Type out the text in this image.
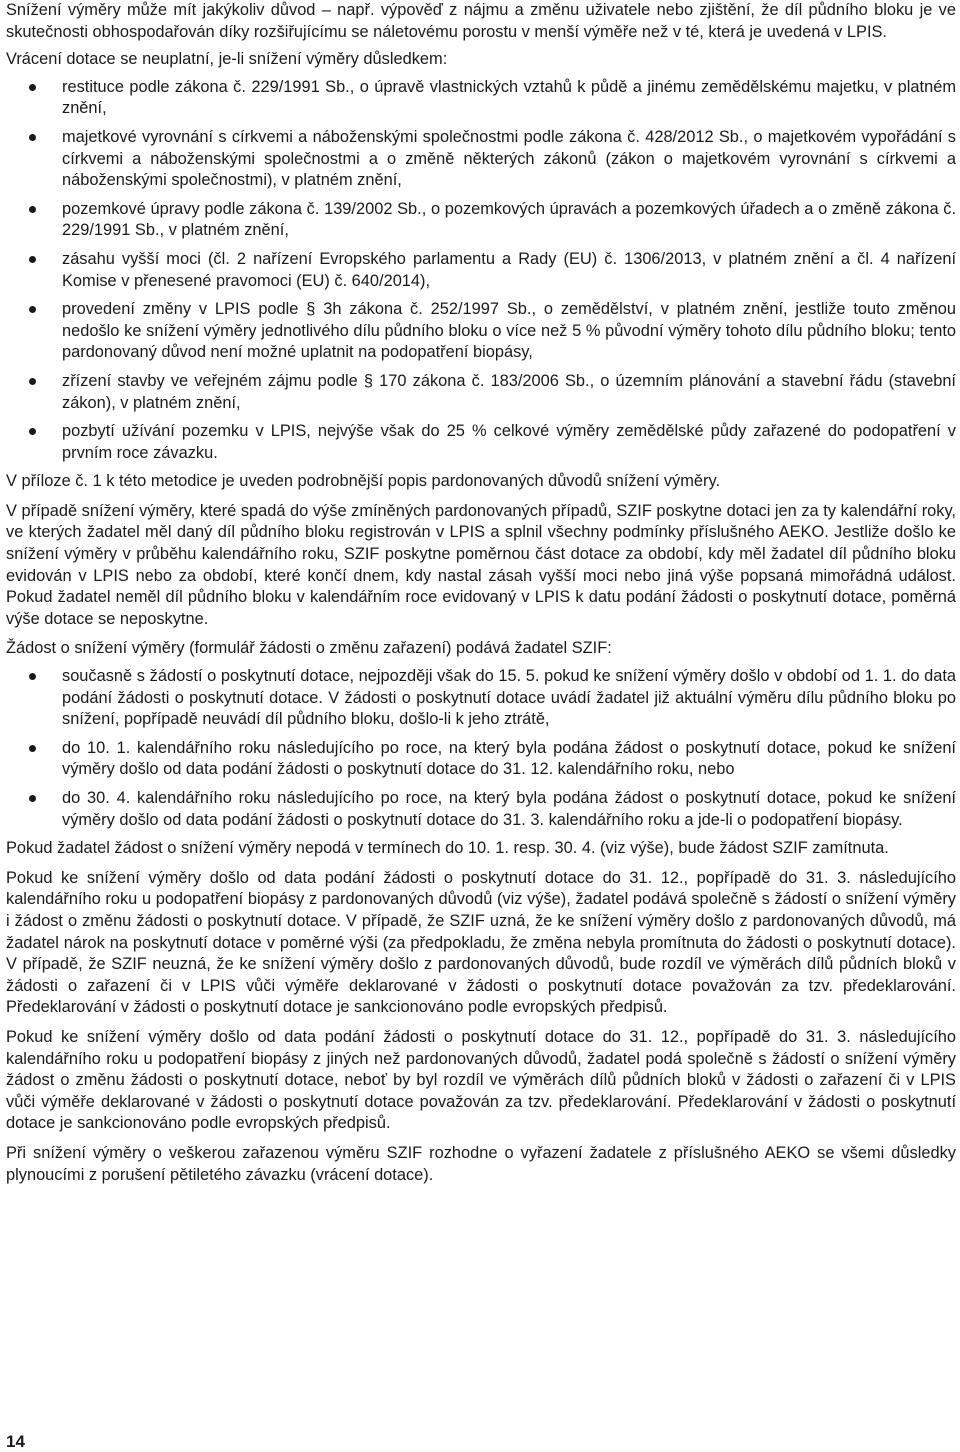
Snížení výměry může mít jakýkoliv důvod – např. výpověď z nájmu a změnu uživatele nebo zjištění, že díl půdního bloku je ve skutečnosti obhospodařován díky rozšiřujícímu se náletovému porostu v menší výměře než v té, která je uvedená v LPIS.

Vrácení dotace se neuplatní, je-li snížení výměry důsledkem:

restituce podle zákona č. 229/1991 Sb., o úpravě vlastnických vztahů k půdě a jinému zemědělskému majetku, v platném znění,
majetkové vyrovnání s církvemi a náboženskými společnostmi podle zákona č. 428/2012 Sb., o majetkovém vypořádání s církvemi a náboženskými společnostmi a o změně některých zákonů (zákon o majetkovém vyrovnání s církvemi a náboženskými společnostmi), v platném znění,
pozemkové úpravy podle zákona č. 139/2002 Sb., o pozemkových úpravách a pozemkových úřadech a o změně zákona č. 229/1991 Sb., v platném znění,
zásahu vyšší moci (čl. 2 nařízení Evropského parlamentu a Rady (EU) č. 1306/2013, v platném znění a čl. 4 nařízení Komise v přenesené pravomoci (EU) č. 640/2014),
provedení změny v LPIS podle § 3h zákona č. 252/1997 Sb., o zemědělství, v platném znění, jestliže touto změnou nedošlo ke snížení výměry jednotlivého dílu půdního bloku o více než 5 % původní výměry tohoto dílu půdního bloku; tento pardonovaný důvod není možné uplatnit na podopatření biopásy,
zřízení stavby ve veřejném zájmu podle § 170 zákona č. 183/2006 Sb., o územním plánování a stavební řádu (stavební zákon), v platném znění,
pozbytí užívání pozemku v LPIS, nejvýše však do 25 % celkové výměry zemědělské půdy zařazené do podopatření v prvním roce závazku.

V příloze č. 1 k této metodice je uveden podrobnější popis pardonovaných důvodů snížení výměry.

V případě snížení výměry, které spadá do výše zmíněných pardonovaných případů, SZIF poskytne dotaci jen za ty kalendářní roky, ve kterých žadatel měl daný díl půdního bloku registrován v LPIS a splnil všechny podmínky příslušného AEKO. Jestliže došlo ke snížení výměry v průběhu kalendářního roku, SZIF poskytne poměrnou část dotace za období, kdy měl žadatel díl půdního bloku evidován v LPIS nebo za období, které končí dnem, kdy nastal zásah vyšší moci nebo jiná výše popsaná mimořádná událost. Pokud žadatel neměl díl půdního bloku v kalendářním roce evidovaný v LPIS k datu podání žádosti o poskytnutí dotace, poměrná výše dotace se neposkytne.

Žádost o snížení výměry (formulář žádosti o změnu zařazení) podává žadatel SZIF:

současně s žádostí o poskytnutí dotace, nejpozději však do 15. 5. pokud ke snížení výměry došlo v období od 1. 1. do data podání žádosti o poskytnutí dotace. V žádosti o poskytnutí dotace uvádí žadatel již aktuální výměru dílu půdního bloku po snížení, popřípadě neuvádí díl půdního bloku, došlo-li k jeho ztrátě,
do 10. 1. kalendářního roku následujícího po roce, na který byla podána žádost o poskytnutí dotace, pokud ke snížení výměry došlo od data podání žádosti o poskytnutí dotace do 31. 12. kalendářního roku, nebo
do 30. 4. kalendářního roku následujícího po roce, na který byla podána žádost o poskytnutí dotace, pokud ke snížení výměry došlo od data podání žádosti o poskytnutí dotace do 31. 3. kalendářního roku a jde-li o podopatření biopásy.

Pokud žadatel žádost o snížení výměry nepodá v termínech do 10. 1. resp. 30. 4. (viz výše), bude žádost SZIF zamítnuta.

Pokud ke snížení výměry došlo od data podání žádosti o poskytnutí dotace do 31. 12., popřípadě do 31. 3. následujícího kalendářního roku u podopatření biopásy z pardonovaných důvodů (viz výše), žadatel podává společně s žádostí o snížení výměry i žádost o změnu žádosti o poskytnutí dotace. V případě, že SZIF uzná, že ke snížení výměry došlo z pardonovaných důvodů, má žadatel nárok na poskytnutí dotace v poměrné výši (za předpokladu, že změna nebyla promítnuta do žádosti o poskytnutí dotace). V případě, že SZIF neuzná, že ke snížení výměry došlo z pardonovaných důvodů, bude rozdíl ve výměrách dílů půdních bloků v žádosti o zařazení či v LPIS vůči výměře deklarované v žádosti o poskytnutí dotace považován za tzv. předeklarování. Předeklarování v žádosti o poskytnutí dotace je sankcionováno podle evropských předpisů.

Pokud ke snížení výměry došlo od data podání žádosti o poskytnutí dotace do 31. 12., popřípadě do 31. 3. následujícího kalendářního roku u podopatření biopásy z jiných než pardonovaných důvodů, žadatel podá společně s žádostí o snížení výměry žádost o změnu žádosti o poskytnutí dotace, neboť by byl rozdíl ve výměrách dílů půdních bloků v žádosti o zařazení či v LPIS vůči výměře deklarované v žádosti o poskytnutí dotace považován za tzv. předeklarování. Předeklarování v žádosti o poskytnutí dotace je sankcionováno podle evropských předpisů.

Při snížení výměry o veškerou zařazenou výměru SZIF rozhodne o vyřazení žadatele z příslušného AEKO se všemi důsledky plynoucími z porušení pětiletého závazku (vrácení dotace).

14
